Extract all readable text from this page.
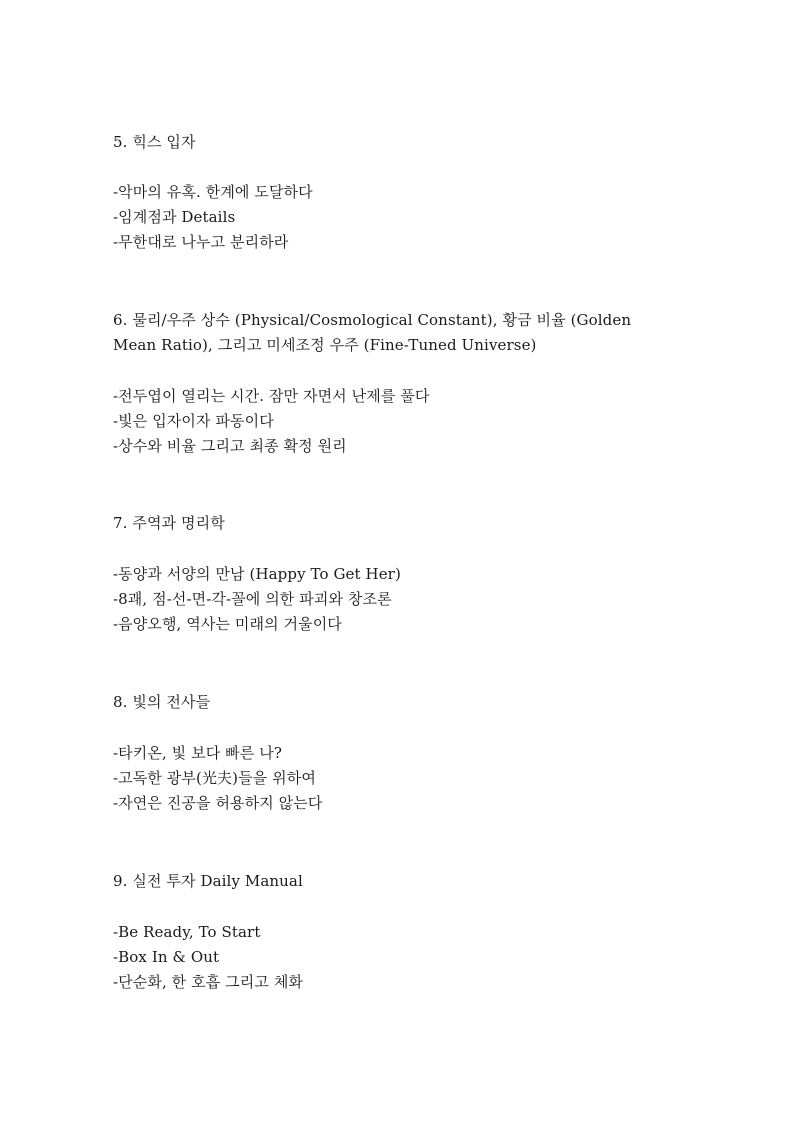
5. 힉스 입자
-악마의 유혹. 한계에 도달하다
-임계점과 Details
-무한대로 나누고 분리하라
6. 물리/우주 상수 (Physical/Cosmological Constant), 황금 비율 (Golden
Mean Ratio), 그리고 미세조정 우주 (Fine-Tuned Universe)
-전두엽이 열리는 시간. 잠만 자면서 난제를 풀다
-빛은 입자이자 파동이다
-상수와 비율 그리고 최종 확정 원리
7. 주역과 명리학
-동양과 서양의 만남 (Happy To Get Her)
-8괘, 점-선-면-각-꼴에 의한 파괴와 창조론
-음양오행, 역사는 미래의 거울이다
8. 빛의 전사들
-타키온, 빛 보다 빠른 나?
-고독한 광부(光夫)들을 위하여
-자연은 진공을 허용하지 않는다
9. 실전 투자 Daily Manual
-Be Ready, To Start
-Box In & Out
-단순화, 한 호흡 그리고 체화
